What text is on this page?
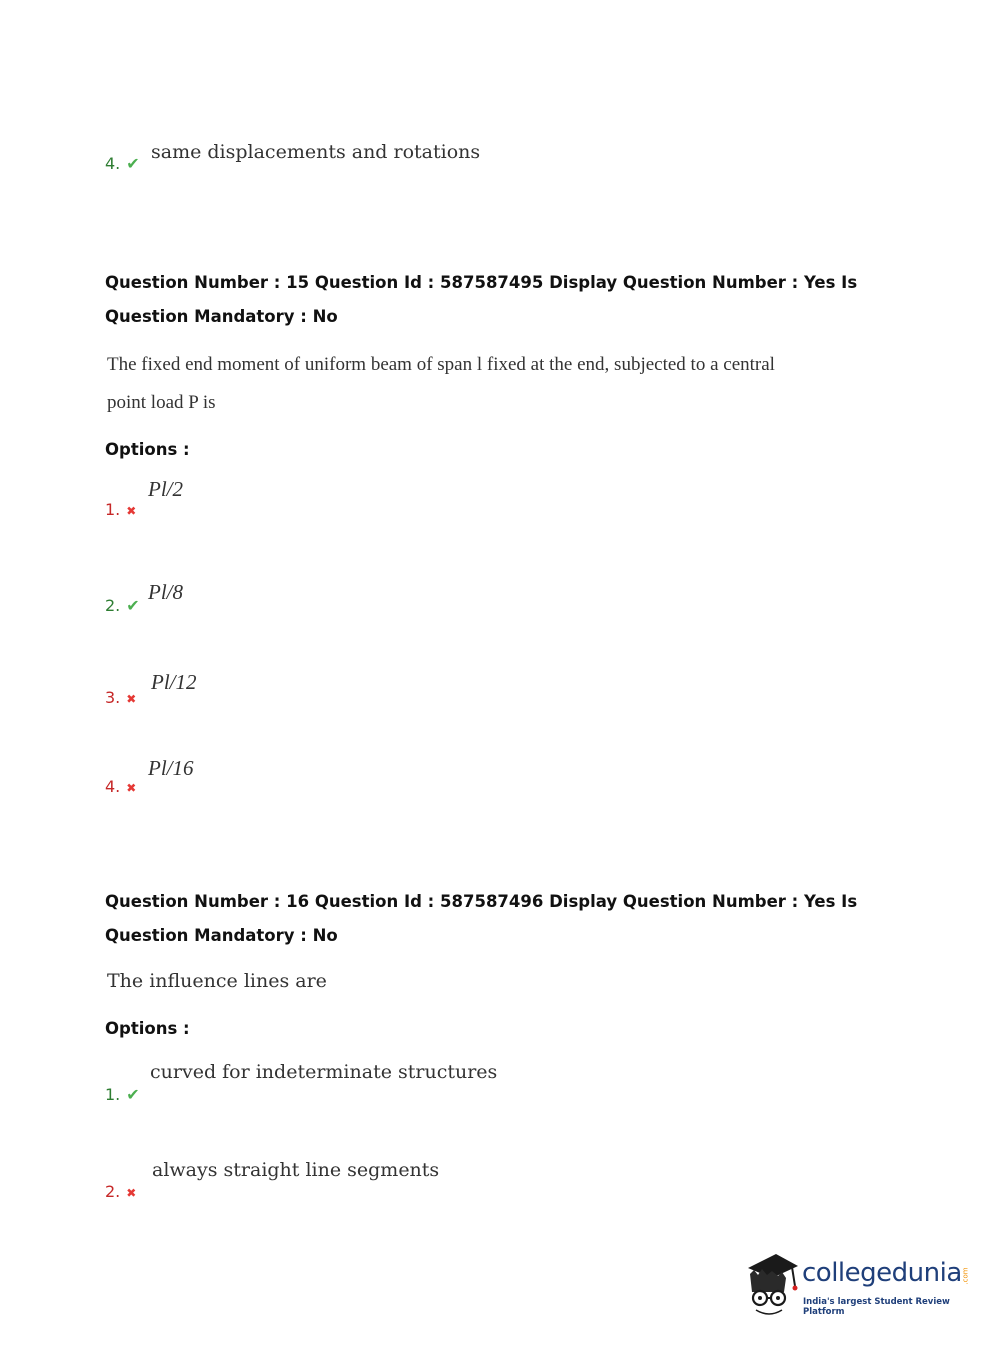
4. ✔
same displacements and rotations
Question Number : 15 Question Id : 587587495 Display Question Number : Yes Is Question Mandatory : No
The fixed end moment of uniform beam of span l fixed at the end, subjected to a central
point load P is
Options :
1. ✖
Pl/2
2. ✔
Pl/8
3. ✖
Pl/12
4. ✖
Pl/16
Question Number : 16 Question Id : 587587496 Display Question Number : Yes Is Question Mandatory : No
The influence lines are
Options :
1. ✔
curved for indeterminate structures
2. ✖
always straight line segments
collegedunia .com
India's largest Student Review Platform
